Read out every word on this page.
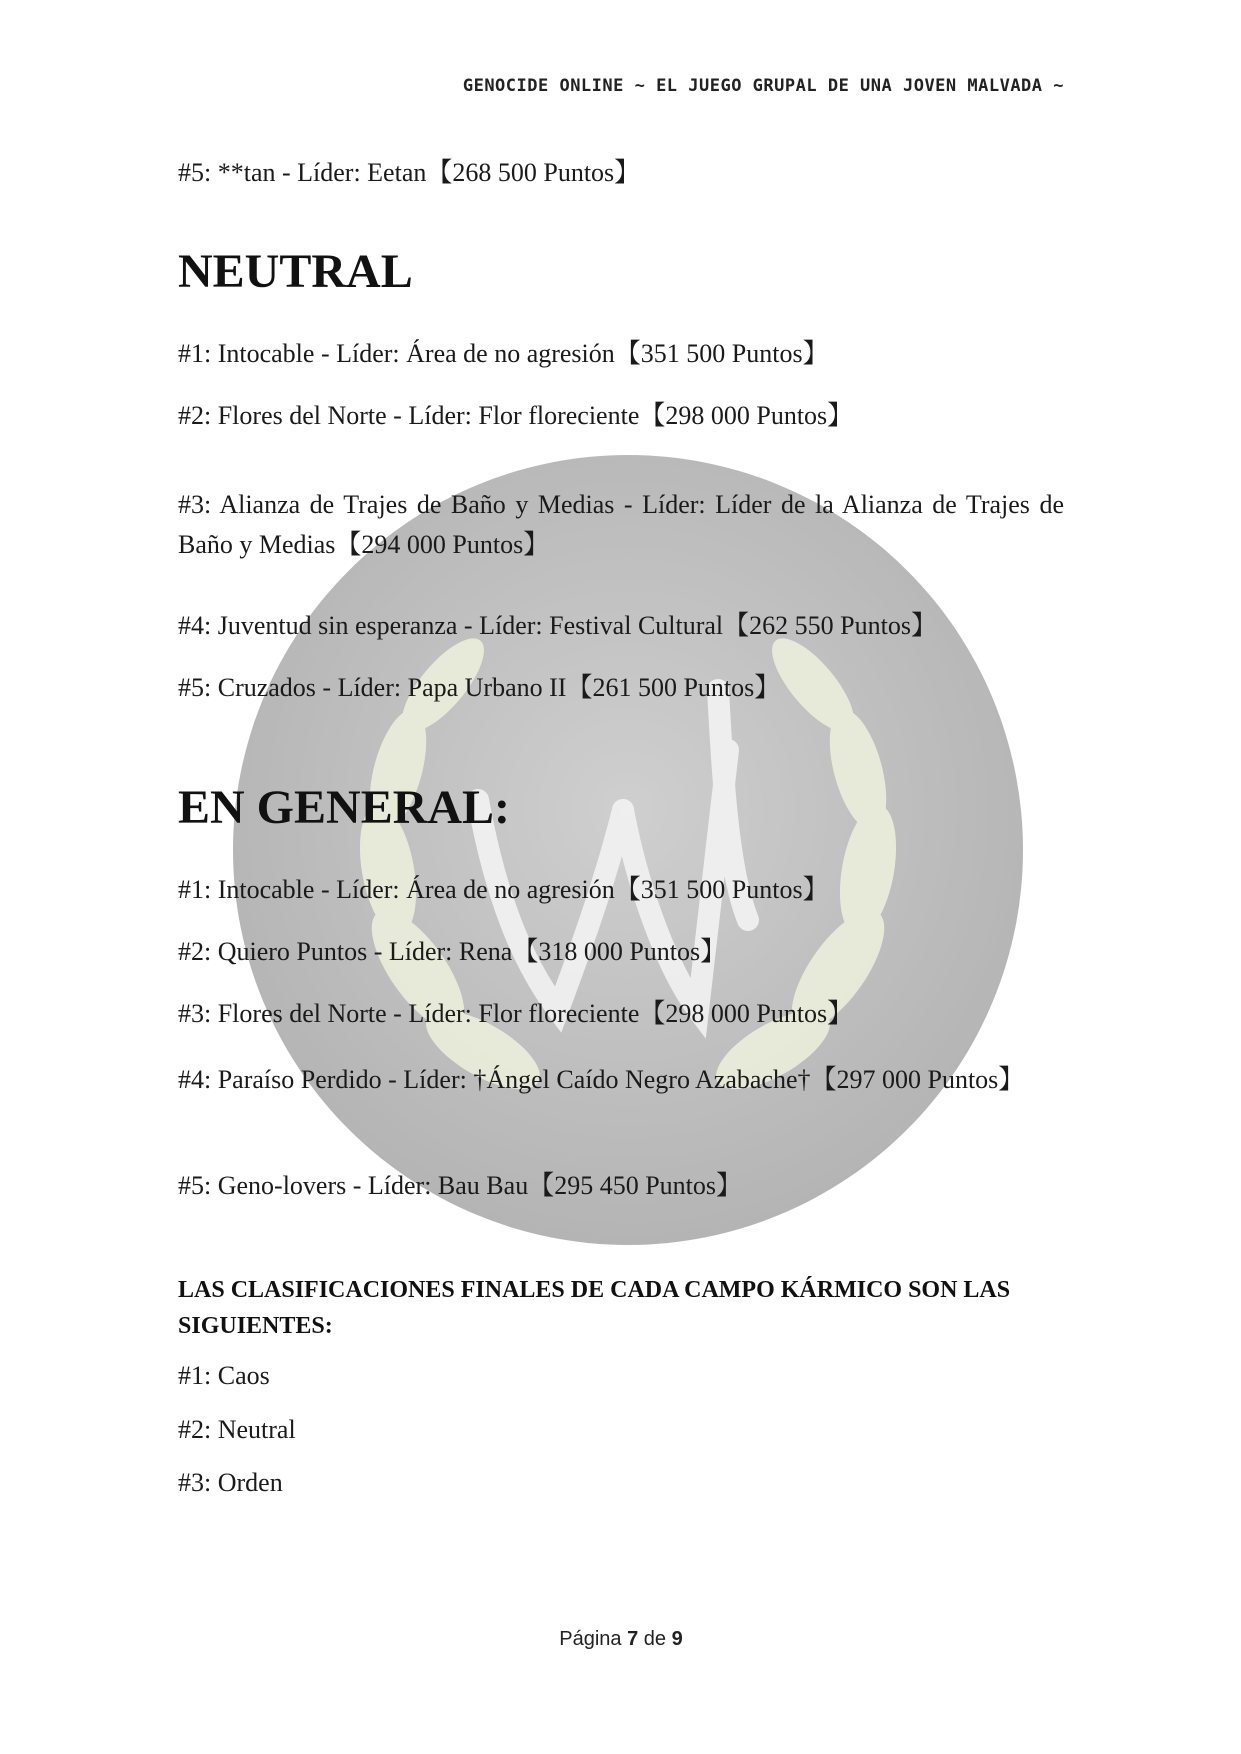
GENOCIDE ONLINE ~ EL JUEGO GRUPAL DE UNA JOVEN MALVADA ~
#5: **tan - Líder: Eetan【268 500 Puntos】
NEUTRAL
#1: Intocable - Líder: Área de no agresión【351 500 Puntos】
#2: Flores del Norte - Líder: Flor floreciente【298 000 Puntos】
#3: Alianza de Trajes de Baño y Medias - Líder: Líder de la Alianza de Trajes de Baño y Medias【294 000 Puntos】
#4: Juventud sin esperanza - Líder: Festival Cultural【262 550 Puntos】
#5: Cruzados - Líder: Papa Urbano II【261 500 Puntos】
EN GENERAL:
#1: Intocable - Líder: Área de no agresión【351 500 Puntos】
#2: Quiero Puntos - Líder: Rena【318 000 Puntos】
#3: Flores del Norte - Líder: Flor floreciente【298 000 Puntos】
#4: Paraíso Perdido - Líder: †Ángel Caído Negro Azabache†【297 000 Puntos】
#5: Geno-lovers - Líder: Bau Bau【295 450 Puntos】
LAS CLASIFICACIONES FINALES DE CADA CAMPO KÁRMICO SON LAS SIGUIENTES:
#1: Caos
#2: Neutral
#3: Orden
Página 7 de 9
